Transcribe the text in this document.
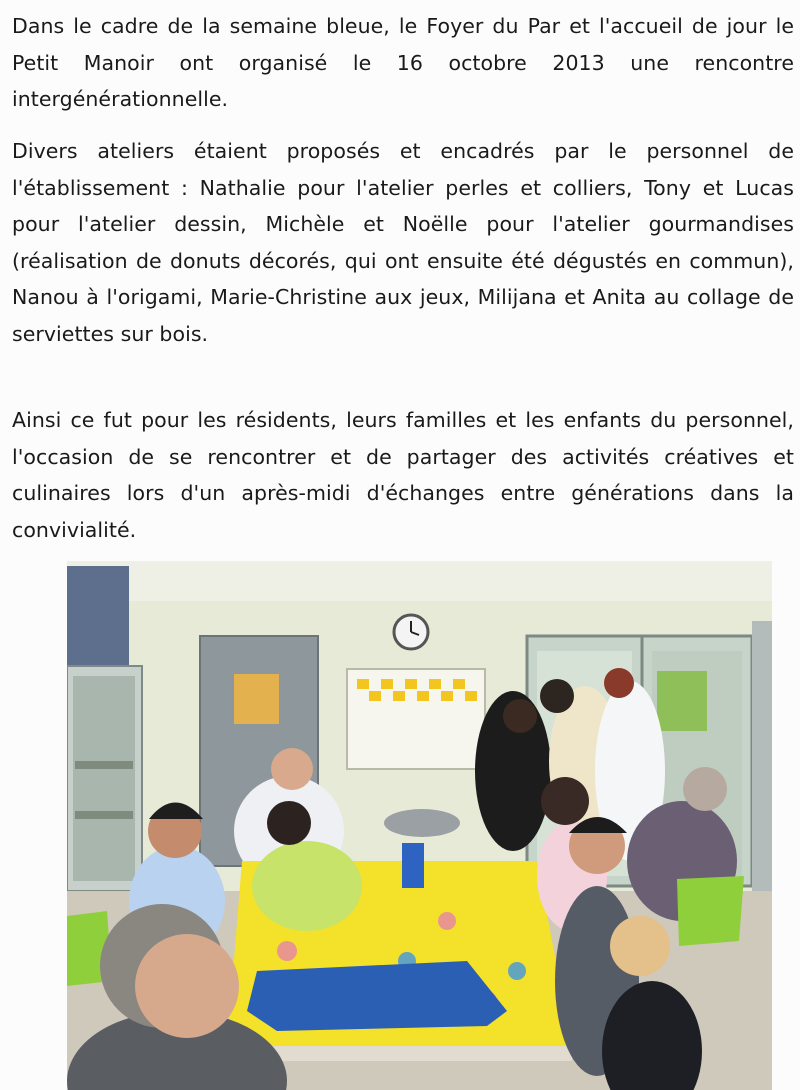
Dans le cadre de la semaine bleue, le Foyer du Par et l'accueil de jour le Petit Manoir ont organisé le 16 octobre 2013 une rencontre intergénérationnelle.

Divers ateliers étaient proposés et encadrés par le personnel de l'établissement : Nathalie pour l'atelier perles et colliers, Tony et Lucas pour l'atelier dessin, Michèle et Noëlle pour l'atelier gourmandises (réalisation de donuts décorés, qui ont ensuite été dégustés en commun), Nanou à l'origami, Marie-Christine aux jeux, Milijana et Anita au collage de serviettes sur bois.

Ainsi ce fut pour les résidents, leurs familles et les enfants du personnel, l'occasion de se rencontrer et de partager des activités créatives et culinaires lors d'un après-midi d'échanges entre générations dans la convivialité.
